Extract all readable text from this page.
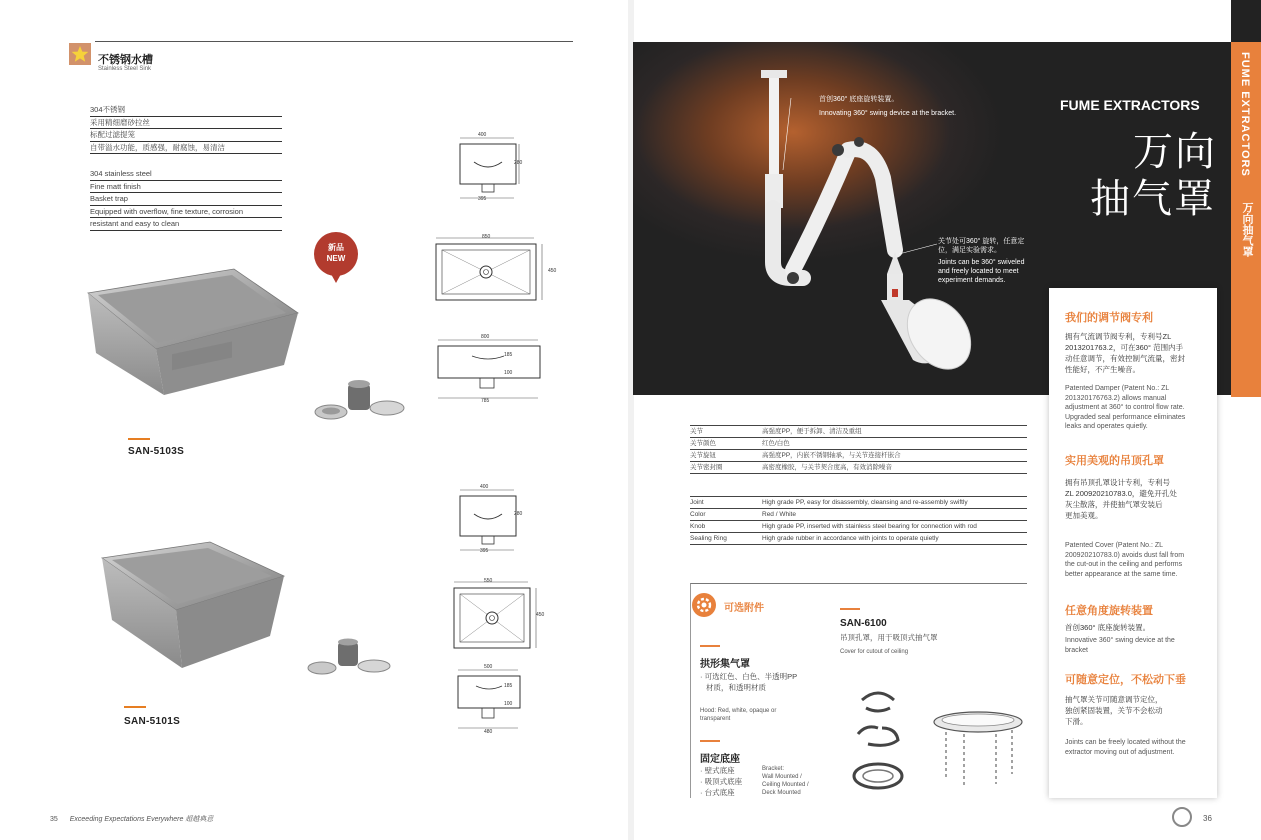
不锈钢水槽
Stainless Steel Sink
304不锈钢
采用精细磨砂拉丝
标配过滤提笼
自带溢水功能，质感强，耐腐蚀，易清洁
304 stainless steel
Fine matt finish
Basket trap
Equipped with overflow, fine texture, corrosion
resistant and easy to clean
新品
NEW
400
280
395
850
450
800
185
100
785
SAN-5103S
400
280
395
550
450
500
185
100
480
SAN-5101S
35 Exceeding Expectations Everywhere 超越典意
FUME EXTRACTORS
万向抽气罩
FUME EXTRACTORS
万向
抽气罩
首创360° 底座旋转装置。
Innovating 360° swing device at the bracket.
关节处可360° 旋转，任意定
位，满足实验需求。
Joints can be 360° swiveled
and freely located to meet
experiment demands.
关节	高强度PP，便于拆卸、清洁及重组
关节颜色	红色/白色
关节旋钮	高强度PP，内嵌不锈钢轴承，与关节连接杆嵌合
关节密封圈	高密度橡胶，与关节契合度高，有效消除噪音
Joint	High grade PP, easy for disassembly, cleansing and re-assembly swiftly
Color	Red / White
Knob	High grade PP, inserted with stainless steel bearing for connection with rod
Sealing Ring	High grade rubber in accordance with joints to operate quietly
可选附件
拱形集气罩
· 可选红色、白色、半透明PP
材质，和透明材质
Hood: Red, white, opaque or
transparent
固定底座
· 壁式底座
· 吸顶式底座
· 台式底座
Bracket:
Wall Mounted /
Ceiling Mounted /
Deck Mounted
SAN-6100
吊顶孔罩，用于吸顶式抽气罩
Cover for cutout of ceiling
我们的调节阀专利
拥有气流调节阀专利，专利号ZL
2013201763.2，可在360° 范围内手
动任意调节，有效控制气流量，密封
性能好，不产生噪音。
Patented Damper (Patent No.: ZL
201320176763.2) allows manual
adjustment at 360° to control flow rate.
Upgraded seal performance eliminates
leaks and operates quietly.
实用美观的吊顶孔罩
拥有吊顶孔罩设计专利，专利号
ZL 200920210783.0，避免开孔处
灰尘散落，并使抽气罩安装后
更加美观。
Patented Cover (Patent No.: ZL
200920210783.0) avoids dust fall from
the cut-out in the ceiling and performs
better appearance at the same time.
任意角度旋转装置
首创360° 底座旋转装置。
Innovative 360° swing device at the
bracket
可随意定位，不松动下垂
抽气罩关节可随意调节定位，
独创紧固装置，关节不会松动
下滑。
Joints can be freely located without the
extractor moving out of adjustment.
36
